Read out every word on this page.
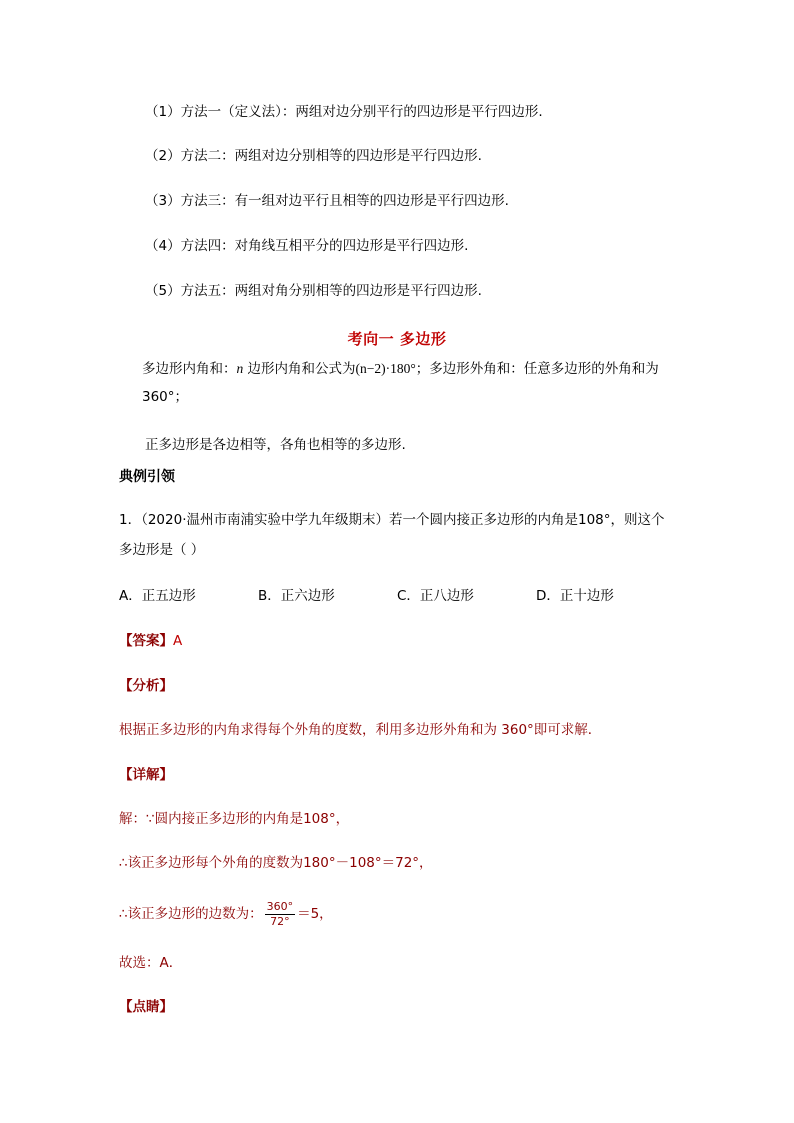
（1）方法一（定义法）：两组对边分别平行的四边形是平行四边形.
（2）方法二：两组对边分别相等的四边形是平行四边形.
（3）方法三：有一组对边平行且相等的四边形是平行四边形.
（4）方法四：对角线互相平分的四边形是平行四边形.
（5）方法五：两组对角分别相等的四边形是平行四边形.
考向一 多边形
多边形内角和：n 边形内角和公式为(n−2)·180°；多边形外角和：任意多边形的外角和为
360°；
正多边形是各边相等，各角也相等的多边形.
典例引领
1．（2020·温州市南浦实验中学九年级期末）若一个圆内接正多边形的内角是108°，则这个
多边形是（ ）
A．正五边形	B．正六边形	C．正八边形	D．正十边形
【答案】A
【分析】
根据正多边形的内角求得每个外角的度数，利用多边形外角和为 360°即可求解．
【详解】
解：∵圆内接正多边形的内角是108°，
∴该正多边形每个外角的度数为180°－108°＝72°，
∴该正多边形的边数为： $\frac{360^\circ}{72^\circ} =5$，
故选：A．
【点睛】
